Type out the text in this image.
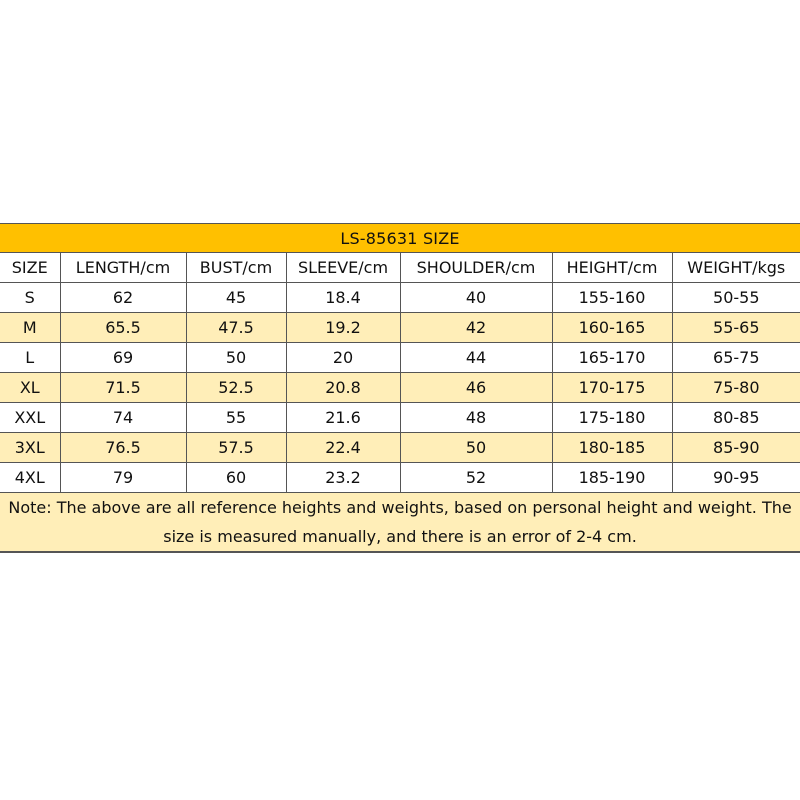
LS-85631 SIZE						
SIZE	LENGTH/cm	BUST/cm	SLEEVE/cm	SHOULDER/cm	HEIGHT/cm	WEIGHT/kgs
S	62	45	18.4	40	155-160	50-55
M	65.5	47.5	19.2	42	160-165	55-65
L	69	50	20	44	165-170	65-75
XL	71.5	52.5	20.8	46	170-175	75-80
XXL	74	55	21.6	48	175-180	80-85
3XL	76.5	57.5	22.4	50	180-185	85-90
4XL	79	60	23.2	52	185-190	90-95
Note: The above are all reference heights and weights, based on personal height and weight. The size is measured manually, and there is an error of 2-4 cm.						
